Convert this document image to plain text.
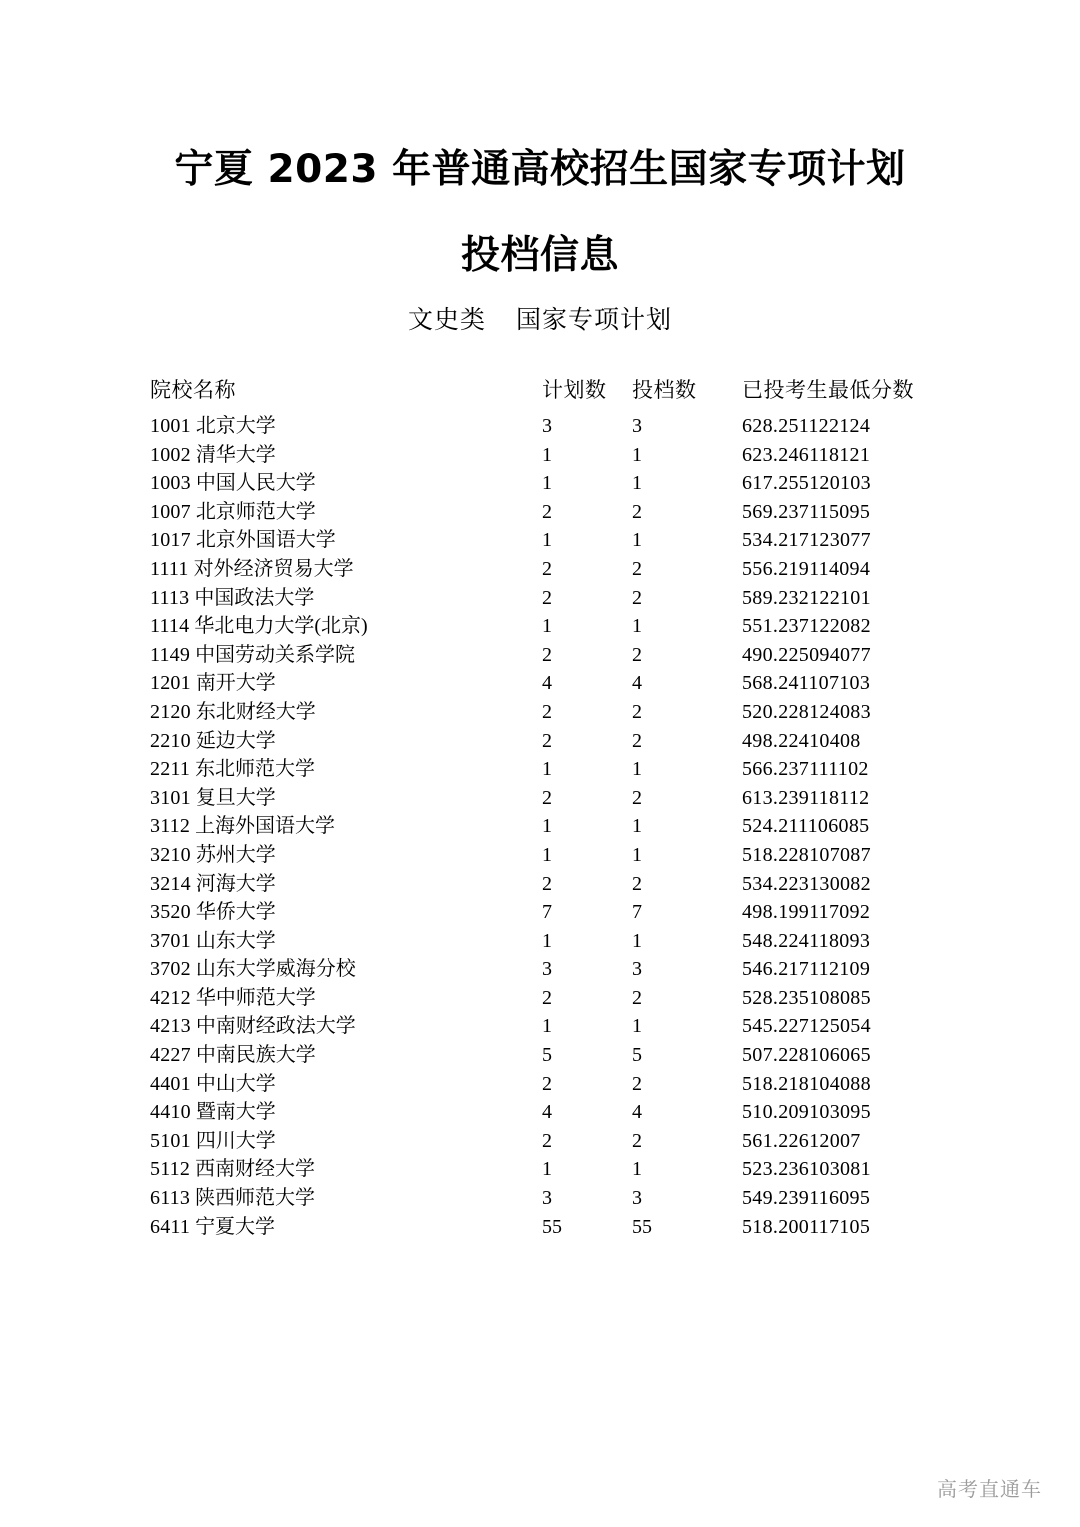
宁夏 2023 年普通高校招生国家专项计划
投档信息
文史类 国家专项计划
院校名称	计划数	投档数	已投考生最低分数
1001 北京大学	3	3	628.251122124
1002 清华大学	1	1	623.246118121
1003 中国人民大学	1	1	617.255120103
1007 北京师范大学	2	2	569.237115095
1017 北京外国语大学	1	1	534.217123077
1111 对外经济贸易大学	2	2	556.219114094
1113 中国政法大学	2	2	589.232122101
1114 华北电力大学(北京)	1	1	551.237122082
1149 中国劳动关系学院	2	2	490.225094077
1201 南开大学	4	4	568.241107103
2120 东北财经大学	2	2	520.228124083
2210 延边大学	2	2	498.22410408
2211 东北师范大学	1	1	566.237111102
3101 复旦大学	2	2	613.239118112
3112 上海外国语大学	1	1	524.211106085
3210 苏州大学	1	1	518.228107087
3214 河海大学	2	2	534.223130082
3520 华侨大学	7	7	498.199117092
3701 山东大学	1	1	548.224118093
3702 山东大学威海分校	3	3	546.217112109
4212 华中师范大学	2	2	528.235108085
4213 中南财经政法大学	1	1	545.227125054
4227 中南民族大学	5	5	507.228106065
4401 中山大学	2	2	518.218104088
4410 暨南大学	4	4	510.209103095
5101 四川大学	2	2	561.22612007
5112 西南财经大学	1	1	523.236103081
6113 陕西师范大学	3	3	549.239116095
6411 宁夏大学	55	55	518.200117105
高考直通车
